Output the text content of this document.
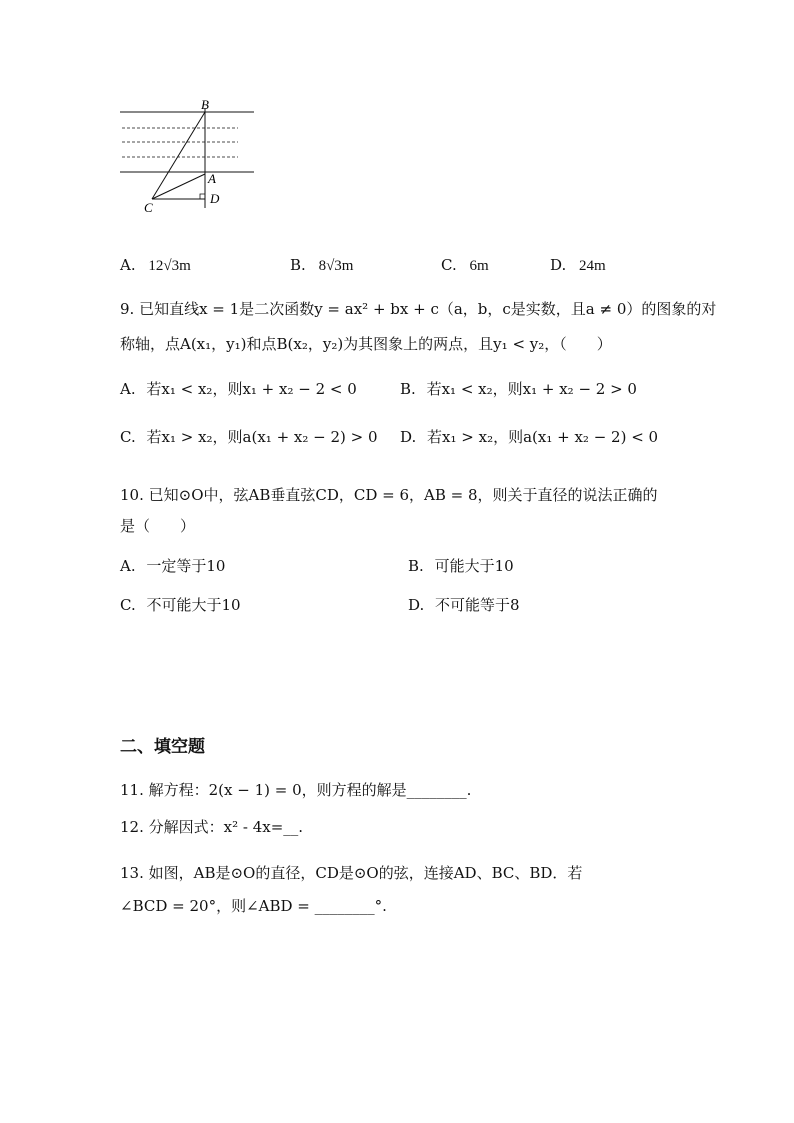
B
A
C
D
A. 12√3m	B. 8√3m	C. 6m	D. 24m
9. 已知直线x = 1是二次函数y = ax² + bx + c（a，b，c是实数，且a ≠ 0）的图象的对
称轴，点A(x₁，y₁)和点B(x₂，y₂)为其图象上的两点，且y₁ < y₂，（　　）
A. 若x₁ < x₂，则x₁ + x₂ − 2 < 0	B. 若x₁ < x₂，则x₁ + x₂ − 2 > 0
C. 若x₁ > x₂，则a(x₁ + x₂ − 2) > 0 D. 若x₁ > x₂，则a(x₁ + x₂ − 2) < 0
10. 已知⊙O中，弦AB垂直弦CD，CD = 6，AB = 8，则关于直径的说法正确的
是（　　）
A. 一定等于10	B. 可能大于10
C. 不可能大于10	D. 不可能等于8
二、填空题
11. 解方程：2(x − 1) = 0，则方程的解是________.
12. 分解因式：x² - 4x=__.
13. 如图，AB是⊙O的直径，CD是⊙O的弦，连接AD、BC、BD．若
∠BCD = 20°，则∠ABD = ________°.
